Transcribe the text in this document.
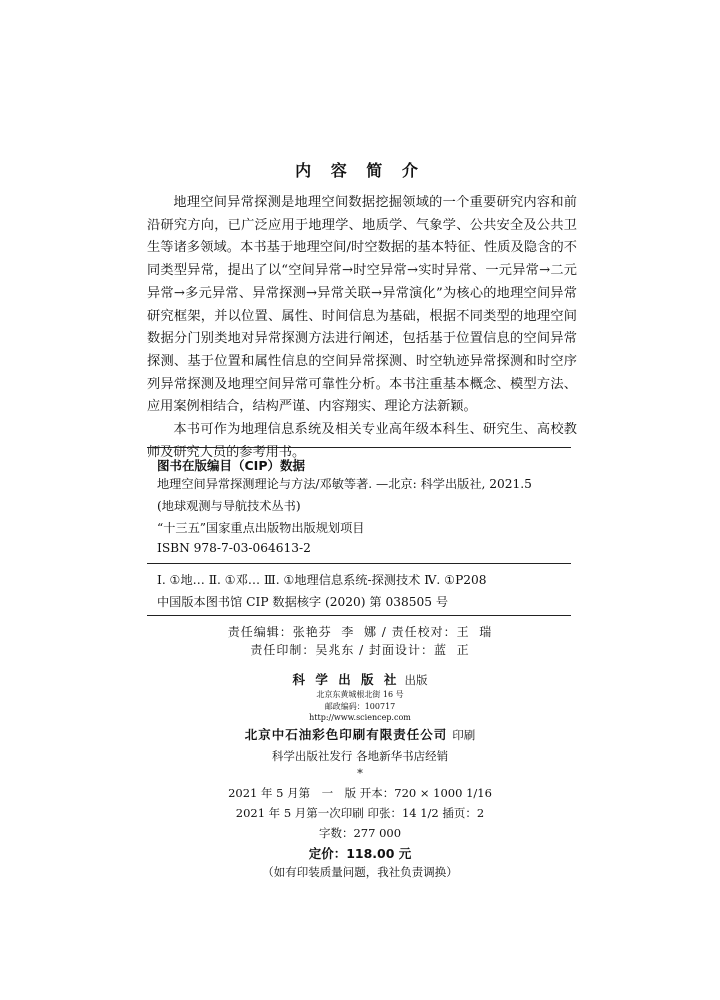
内 容 简 介

地理空间异常探测是地理空间数据挖掘领域的一个重要研究内容和前沿研究方向，已广泛应用于地理学、地质学、气象学、公共安全及公共卫生等诸多领域。本书基于地理空间/时空数据的基本特征、性质及隐含的不同类型异常，提出了以“空间异常→时空异常→实时异常、一元异常→二元异常→多元异常、异常探测→异常关联→异常演化”为核心的地理空间异常研究框架，并以位置、属性、时间信息为基础，根据不同类型的地理空间数据分门别类地对异常探测方法进行阐述，包括基于位置信息的空间异常探测、基于位置和属性信息的空间异常探测、时空轨迹异常探测和时空序列异常探测及地理空间异常可靠性分析。本书注重基本概念、模型方法、应用案例相结合，结构严谨、内容翔实、理论方法新颖。

本书可作为地理信息系统及相关专业高年级本科生、研究生、高校教师及研究人员的参考用书。

图书在版编目（CIP）数据
地理空间异常探测理论与方法/邓敏等著. —北京: 科学出版社, 2021.5
(地球观测与导航技术丛书)
“十三五”国家重点出版物出版规划项目
ISBN 978-7-03-064613-2
Ⅰ. ①地… Ⅱ. ①邓… Ⅲ. ①地理信息系统-探测技术 Ⅳ. ①P208
中国版本图书馆 CIP 数据核字 (2020) 第 038505 号
责任编辑：张艳芬  李  娜 / 责任校对：王  瑞
责任印制：吴兆东 / 封面设计：蓝  正
科 学 出 版 社 出版
北京东黄城根北街 16 号
邮政编码：100717
http://www.sciencep.com
北京中石油彩色印刷有限责任公司 印刷
科学出版社发行 各地新华书店经销
*
2021 年 5 月第　一　版 开本：720 × 1000 1/16
2021 年 5 月第一次印刷 印张：14 1/2 插页：2
字数：277 000
定价：118.00 元
（如有印装质量问题，我社负责调换）
